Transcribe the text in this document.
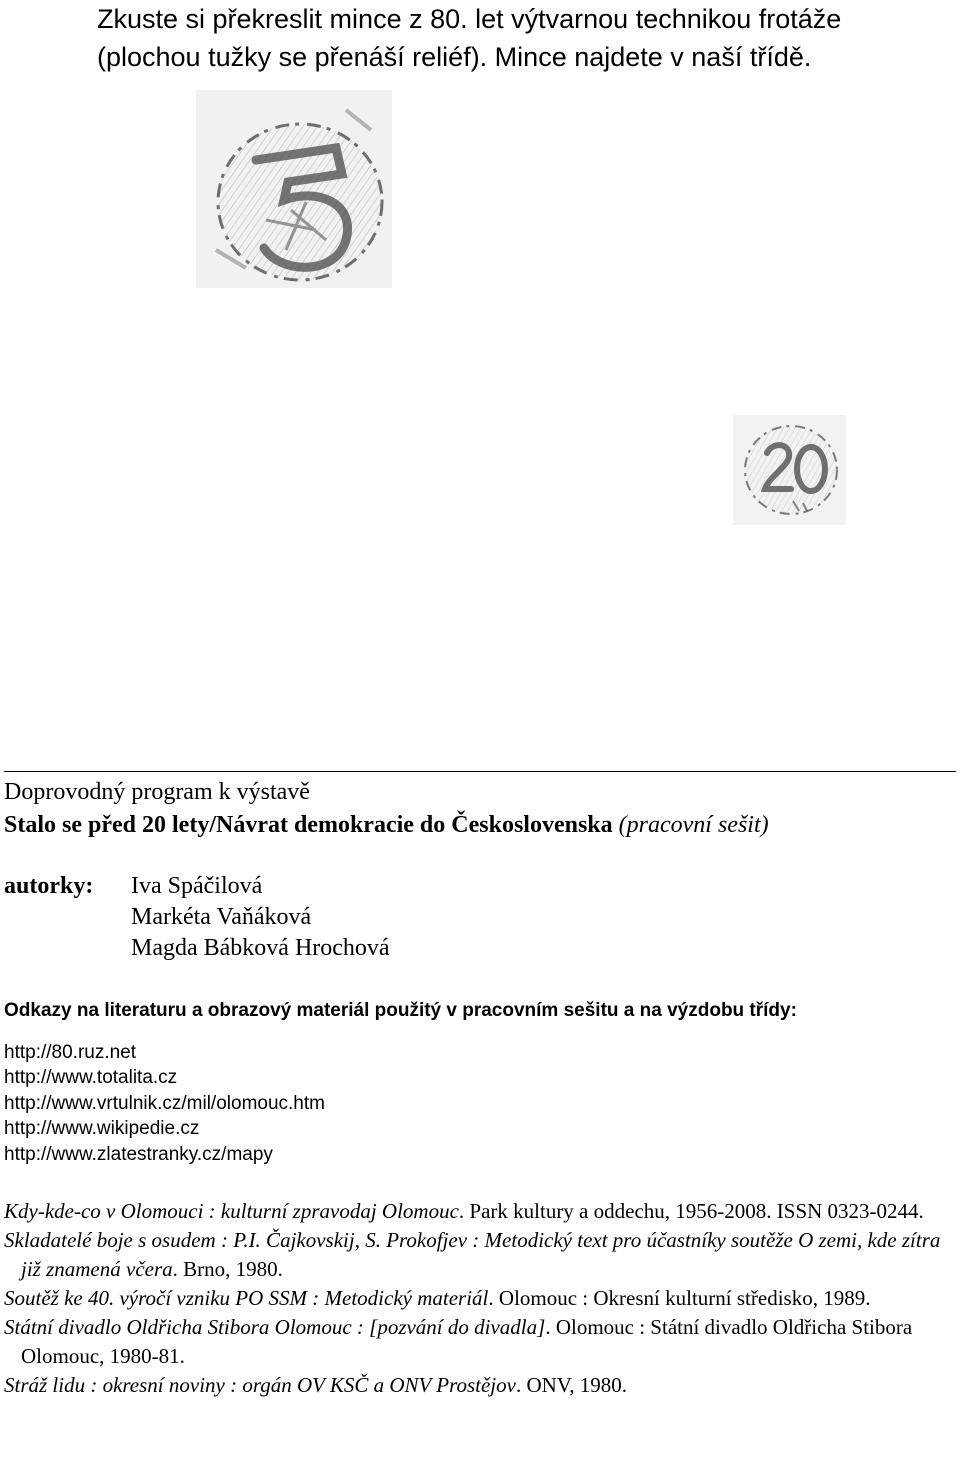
Zkuste si překreslit mince z 80. let výtvarnou technikou frotáže
(plochou tužky se přenáší reliéf). Mince najdete v naší třídě.
Doprovodný program k výstavě
Stalo se před 20 lety/Návrat demokracie do Československa (pracovní sešit)
autorky: Iva Spáčilová
Markéta Vaňáková
Magda Bábková Hrochová
Odkazy na literaturu a obrazový materiál použitý v pracovním sešitu a na výzdobu třídy:
http://80.ruz.net
http://www.totalita.cz
http://www.vrtulnik.cz/mil/olomouc.htm
http://www.wikipedie.cz
http://www.zlatestranky.cz/mapy

Kdy-kde-co v Olomouci : kulturní zpravodaj Olomouc. Park kultury a oddechu, 1956-2008. ISSN 0323-0244.

Skladatelé boje s osudem : P.I. Čajkovskij, S. Prokofjev : Metodický text pro účastníky soutěže O zemi, kde zítra již znamená včera. Brno, 1980.

Soutěž ke 40. výročí vzniku PO SSM : Metodický materiál. Olomouc : Okresní kulturní středisko, 1989.

Státní divadlo Oldřicha Stibora Olomouc : [pozvání do divadla]. Olomouc : Státní divadlo Oldřicha Stibora Olomouc, 1980-81.

Stráž lidu : okresní noviny : orgán OV KSČ a ONV Prostějov. ONV, 1980.
